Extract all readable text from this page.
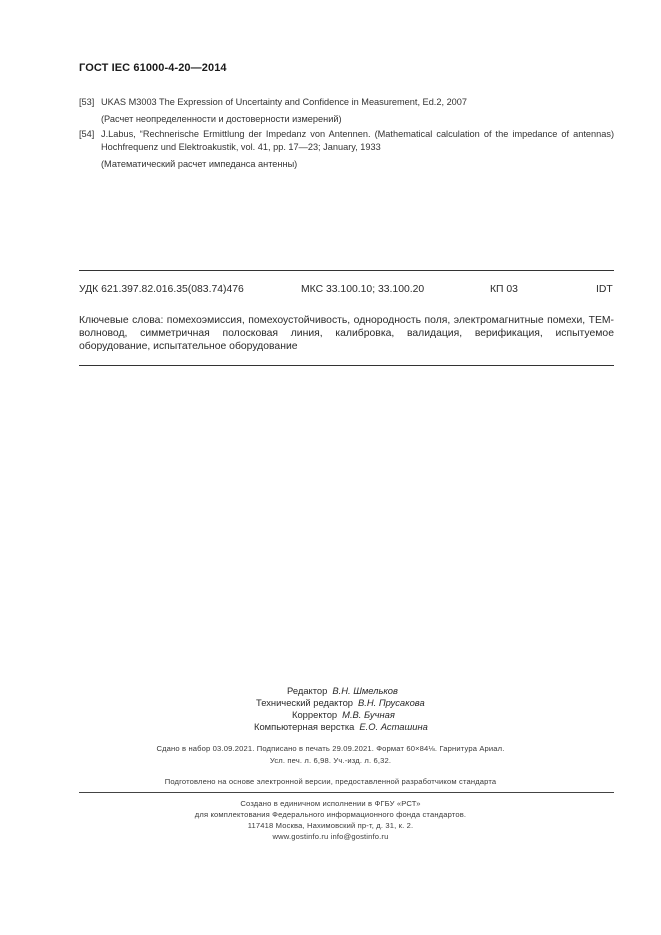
ГОСТ IEC 61000-4-20—2014
[53] UKAS M3003 The Expression of Uncertainty and Confidence in Measurement, Ed.2, 2007
(Расчет неопределенности и достоверности измерений)
[54] J.Labus, “Rechnerische Ermittlung der Impedanz von Antennen. (Mathematical calculation of the impedance of antennas) Hochfrequenz und Elektroakustik, vol. 41, pp. 17—23; January, 1933
(Математический расчет импеданса антенны)
УДК 621.397.82.016.35(083.74)476	МКС 33.100.10; 33.100.20	КП 03	IDT
Ключевые слова: помехоэмиссия, помехоустойчивость, однородность поля, электромагнитные помехи, ТЕМ-волновод, симметричная полосковая линия, калибровка, валидация, верификация, испытуемое оборудование, испытательное оборудование
Редактор В.Н. Шмельков
Технический редактор В.Н. Прусакова
Корректор М.В. Бучная
Компьютерная верстка Е.О. Асташина
Сдано в набор 03.09.2021. Подписано в печать 29.09.2021. Формат 60×84⅛. Гарнитура Ариал.
Усл. печ. л. 6,98. Уч.-изд. л. 6,32.
Подготовлено на основе электронной версии, предоставленной разработчиком стандарта
Создано в единичном исполнении в ФГБУ «РСТ»
для комплектования Федерального информационного фонда стандартов.
117418 Москва, Нахимовский пр-т, д. 31, к. 2.
www.gostinfo.ru info@gostinfo.ru
